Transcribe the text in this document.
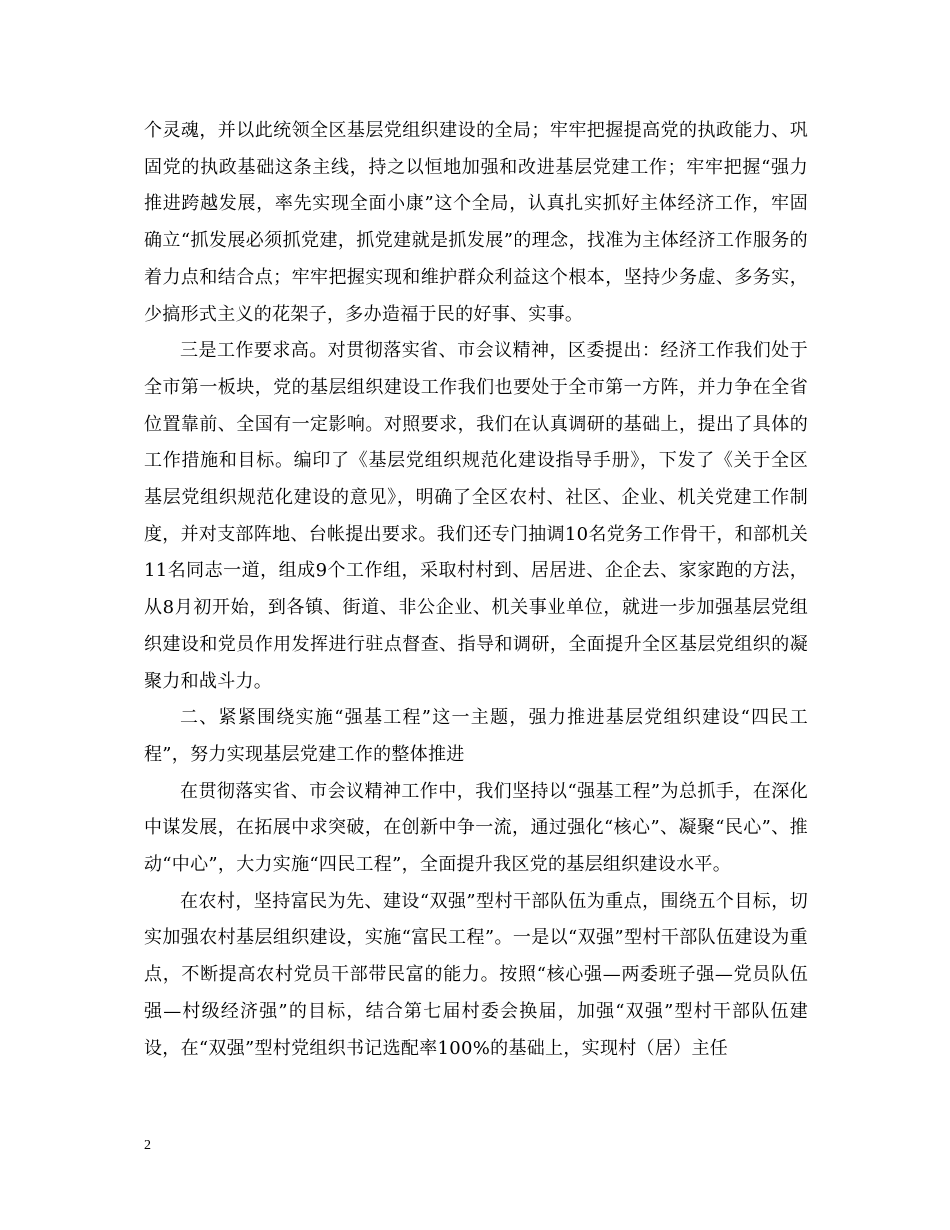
个灵魂，并以此统领全区基层党组织建设的全局；牢牢把握提高党的执政能力、巩固党的执政基础这条主线，持之以恒地加强和改进基层党建工作；牢牢把握“强力推进跨越发展，率先实现全面小康”这个全局，认真扎实抓好主体经济工作，牢固确立“抓发展必须抓党建，抓党建就是抓发展”的理念，找准为主体经济工作服务的着力点和结合点；牢牢把握实现和维护群众利益这个根本，坚持少务虚、多务实，少搞形式主义的花架子，多办造福于民的好事、实事。

三是工作要求高。对贯彻落实省、市会议精神，区委提出：经济工作我们处于全市第一板块，党的基层组织建设工作我们也要处于全市第一方阵，并力争在全省位置靠前、全国有一定影响。对照要求，我们在认真调研的基础上，提出了具体的工作措施和目标。编印了《基层党组织规范化建设指导手册》，下发了《关于全区基层党组织规范化建设的意见》，明确了全区农村、社区、企业、机关党建工作制度，并对支部阵地、台帐提出要求。我们还专门抽调10名党务工作骨干，和部机关11名同志一道，组成9个工作组，采取村村到、居居进、企企去、家家跑的方法，从8月初开始，到各镇、街道、非公企业、机关事业单位，就进一步加强基层党组织建设和党员作用发挥进行驻点督查、指导和调研，全面提升全区基层党组织的凝聚力和战斗力。

二、紧紧围绕实施“强基工程”这一主题，强力推进基层党组织建设“四民工程”，努力实现基层党建工作的整体推进

在贯彻落实省、市会议精神工作中，我们坚持以“强基工程”为总抓手，在深化中谋发展，在拓展中求突破，在创新中争一流，通过强化“核心”、凝聚“民心”、推动“中心”，大力实施“四民工程”，全面提升我区党的基层组织建设水平。

在农村，坚持富民为先、建设“双强”型村干部队伍为重点，围绕五个目标，切实加强农村基层组织建设，实施“富民工程”。一是以“双强”型村干部队伍建设为重点，不断提高农村党员干部带民富的能力。按照“核心强—两委班子强—党员队伍强—村级经济强”的目标，结合第七届村委会换届，加强“双强”型村干部队伍建设，在“双强”型村党组织书记选配率100%的基础上，实现村（居）主任

2
